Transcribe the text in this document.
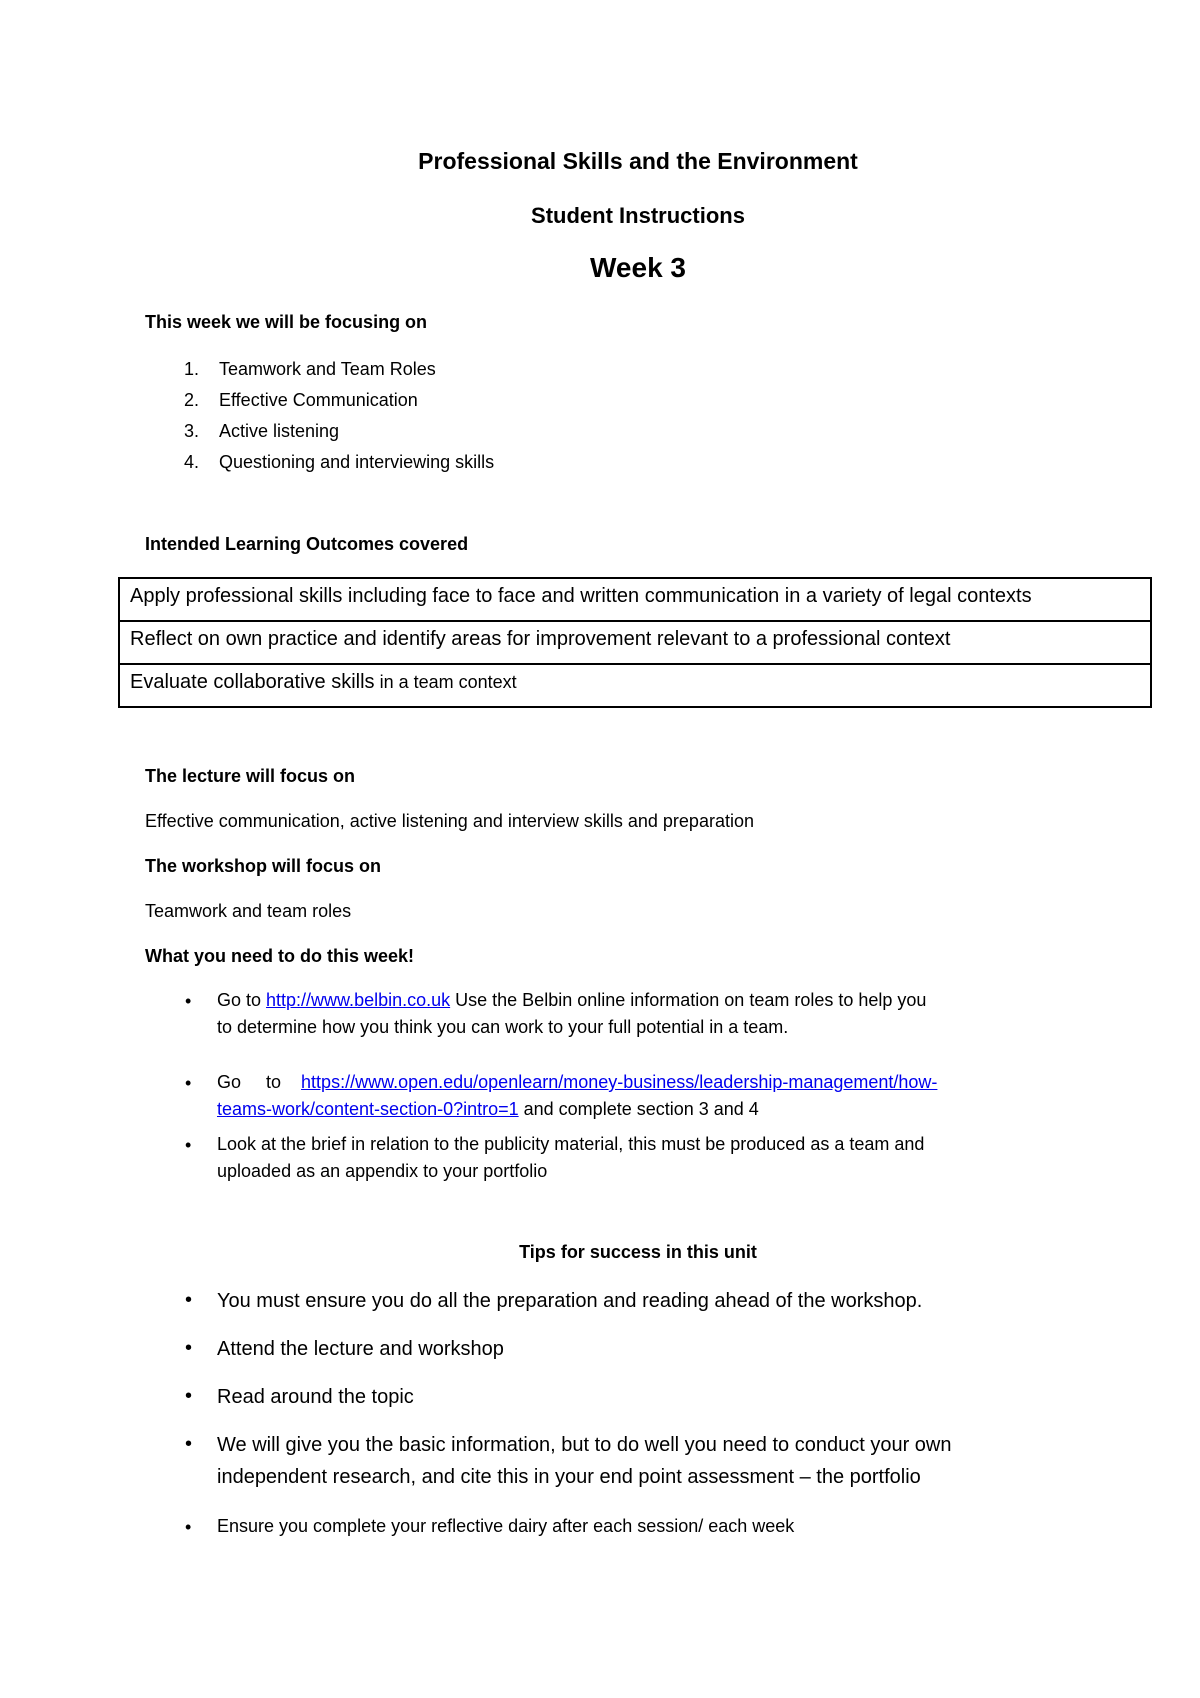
Professional Skills and the Environment
Student Instructions
Week 3
This week we will be focusing on
1. Teamwork and Team Roles
2. Effective Communication
3. Active listening
4. Questioning and interviewing skills
Intended Learning Outcomes covered
Apply professional skills including face to face and written communication in a variety of legal contexts
Reflect on own practice and identify areas for improvement relevant to a professional context
Evaluate collaborative skills in a team context
The lecture will focus on
Effective communication, active listening and interview skills and preparation
The workshop will focus on
Teamwork and team roles
What you need to do this week!
• Go to http://www.belbin.co.uk Use the Belbin online information on team roles to help you
to determine how you think you can work to your full potential in a team.
• Go to https://www.open.edu/openlearn/money-business/leadership-management/how-
teams-work/content-section-0?intro=1 and complete section 3 and 4
• Look at the brief in relation to the publicity material, this must be produced as a team and
uploaded as an appendix to your portfolio
Tips for success in this unit
• You must ensure you do all the preparation and reading ahead of the workshop.
• Attend the lecture and workshop
• Read around the topic
• We will give you the basic information, but to do well you need to conduct your own independent research, and cite this in your end point assessment – the portfolio
• Ensure you complete your reflective dairy after each session/ each week
